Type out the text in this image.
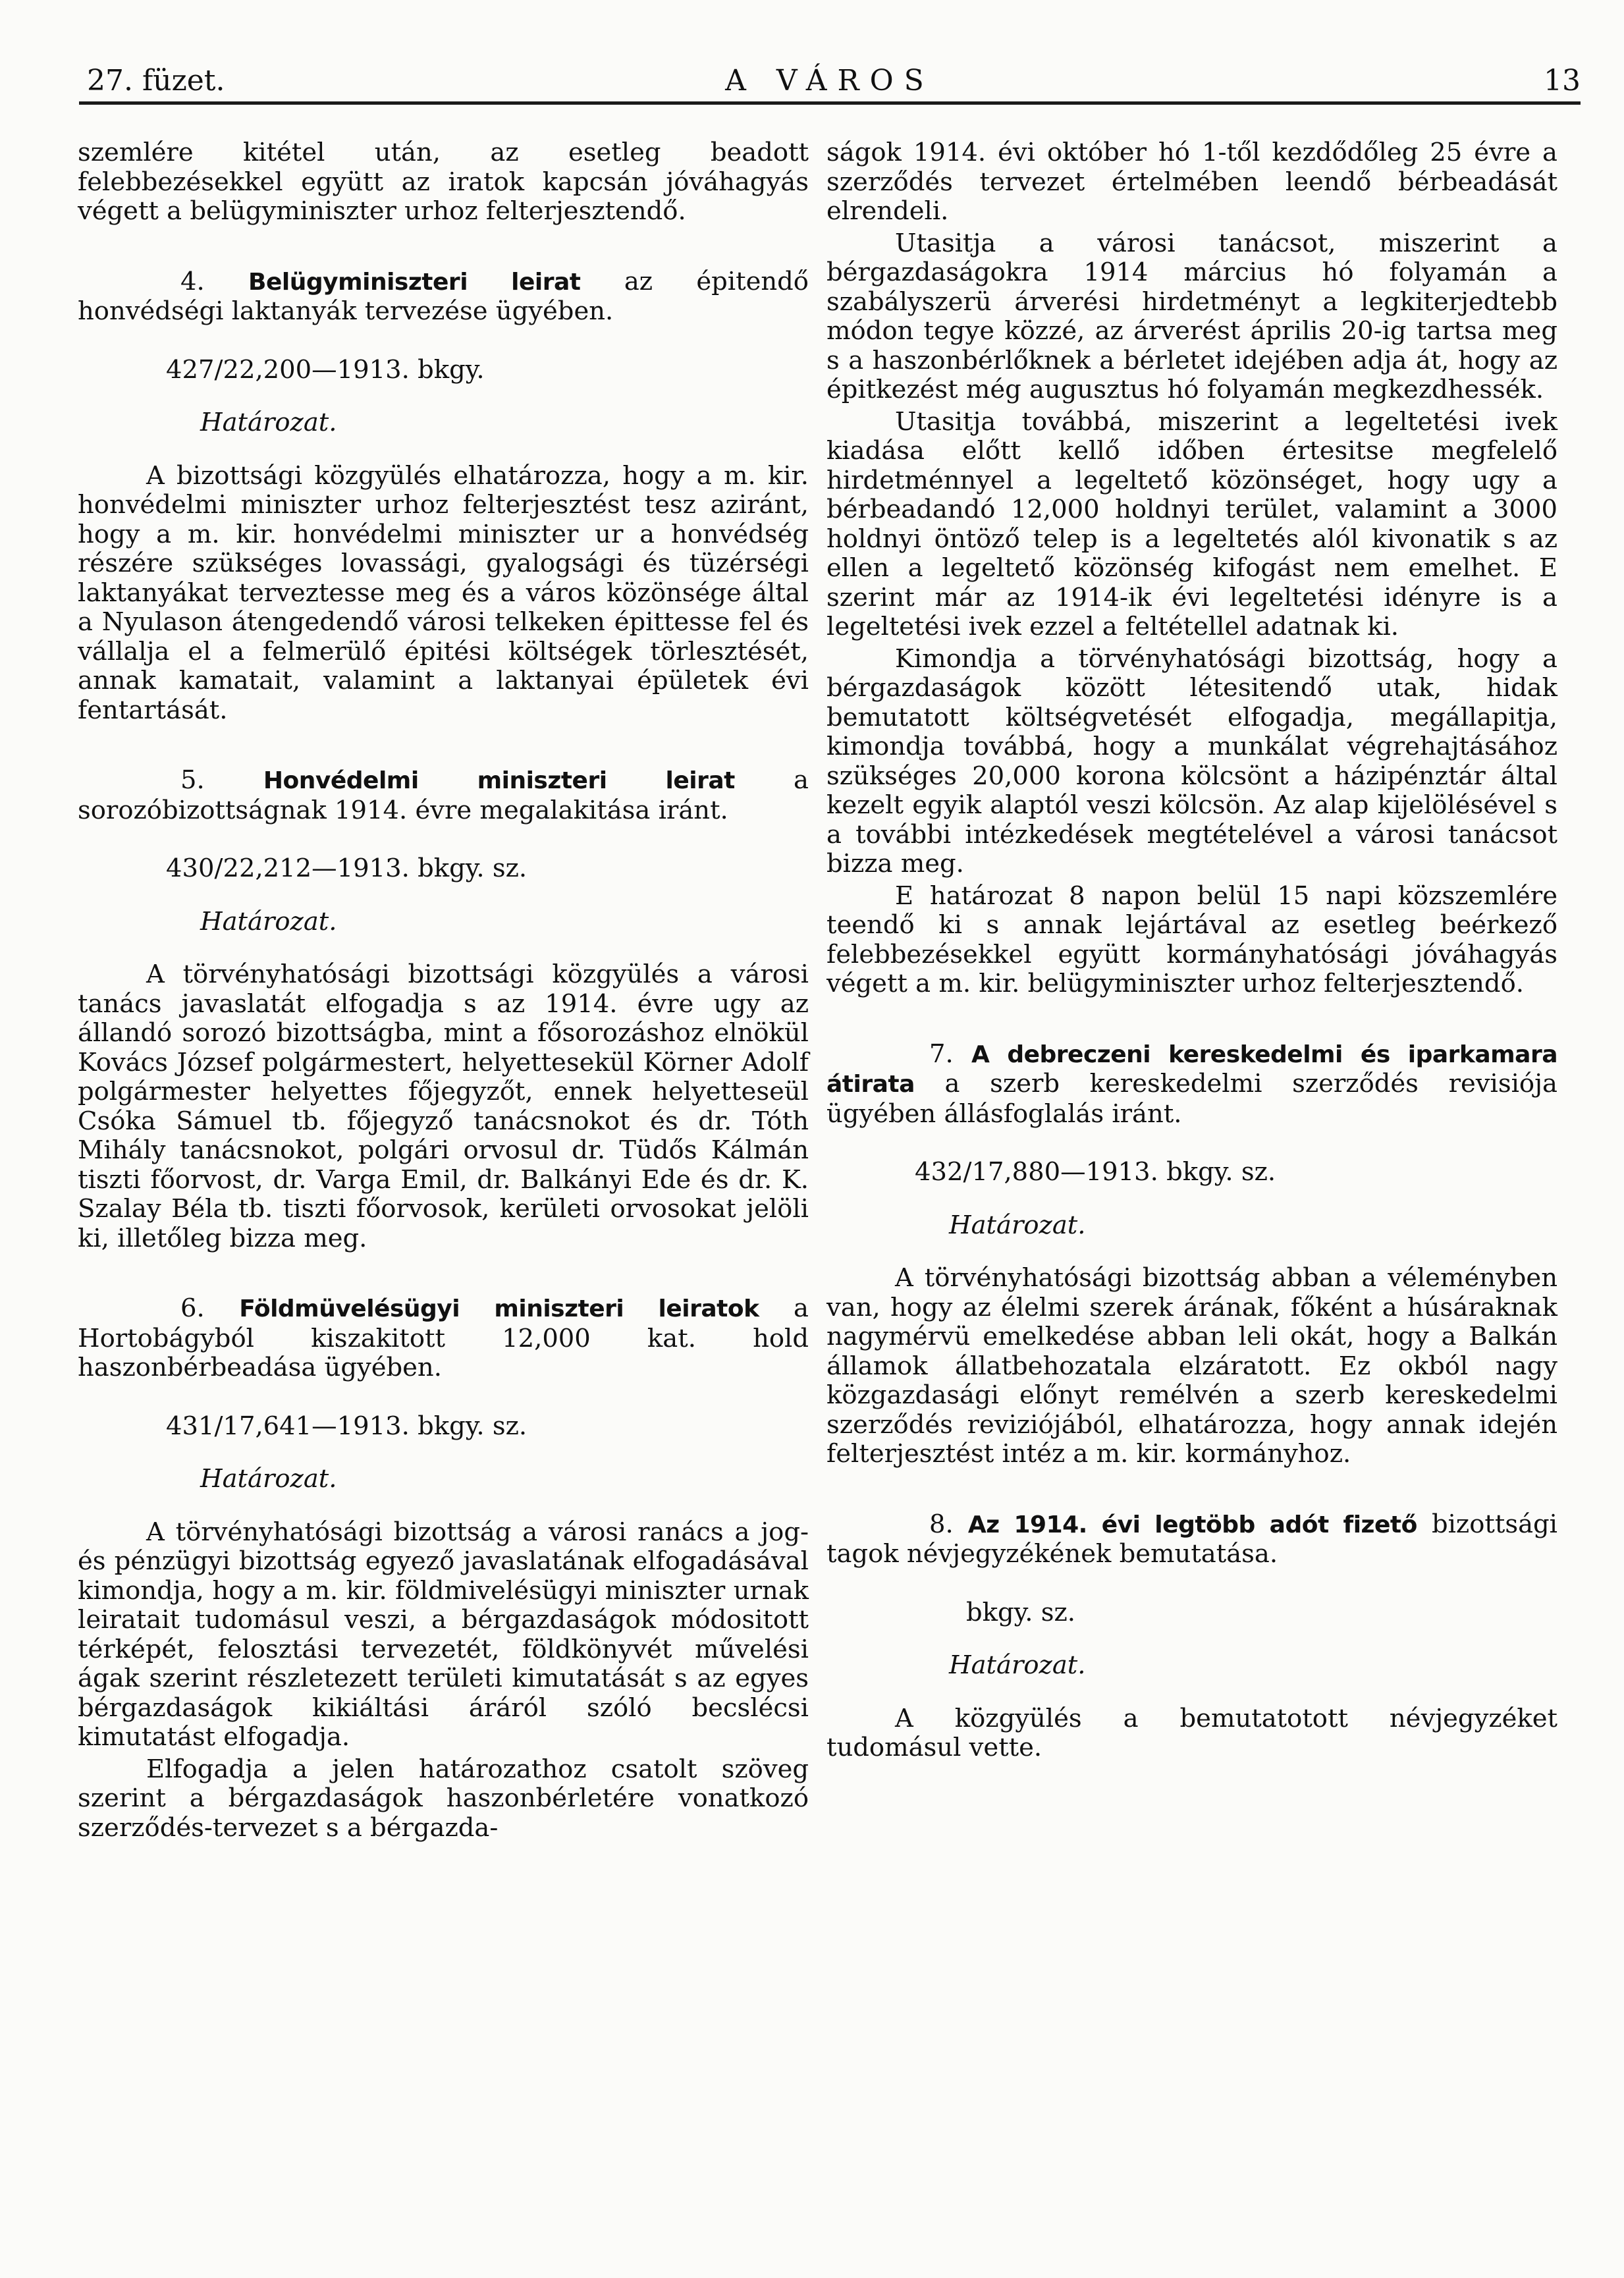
27. füzet.	A VÁROS	13

szemlére kitétel után, az esetleg beadott felebbezésekkel együtt az iratok kapcsán jóváhagyás végett a belügyminiszter urhoz felterjesztendő.

4. Belügyminiszteri leirat az épitendő honvédségi laktanyák tervezése ügyében.

427/22,200—1913. bkgy.

Határozat.

A bizottsági közgyülés elhatározza, hogy a m. kir. honvédelmi miniszter urhoz felterjesztést tesz aziránt, hogy a m. kir. honvédelmi miniszter ur a honvédség részére szükséges lovassági, gyalogsági és tüzérségi laktanyákat terveztesse meg és a város közönsége által a Nyulason átengedendő városi telkeken épittesse fel és vállalja el a felmerülő épitési költségek törlesztését, annak kamatait, valamint a laktanyai épületek évi fentartását.

5. Honvédelmi miniszteri leirat a sorozóbizottságnak 1914. évre megalakitása iránt.

430/22,212—1913. bkgy. sz.

Határozat.

A törvényhatósági bizottsági közgyülés a városi tanács javaslatát elfogadja s az 1914. évre ugy az állandó sorozó bizottságba, mint a fősorozáshoz elnökül Kovács József polgármestert, helyettesekül Körner Adolf polgármester helyettes főjegyzőt, ennek helyetteseül Csóka Sámuel tb. főjegyző tanácsnokot és dr. Tóth Mihály tanácsnokot, polgári orvosul dr. Tüdős Kálmán tiszti főorvost, dr. Varga Emil, dr. Balkányi Ede és dr. K. Szalay Béla tb. tiszti főorvosok, kerületi orvosokat jelöli ki, illetőleg bizza meg.

6. Földmüvelésügyi miniszteri leiratok a Hortobágyból kiszakitott 12,000 kat. hold haszonbérbeadása ügyében.

431/17,641—1913. bkgy. sz.

Határozat.

A törvényhatósági bizottság a városi ranács a jog-és pénzügyi bizottság egyező javaslatának elfogadásával kimondja, hogy a m. kir. földmivelésügyi miniszter urnak leiratait tudomásul veszi, a bérgazdaságok módositott térképét, felosztási tervezetét, földkönyvét művelési ágak szerint részletezett területi kimutatását s az egyes bérgazdaságok kikiáltási áráról szóló becslécsi kimutatást elfogadja.

Elfogadja a jelen határozathoz csatolt szöveg szerint a bérgazdaságok haszonbérletére vonatkozó szerződés-tervezet s a bérgazda-

ságok 1914. évi október hó 1-től kezdődőleg 25 évre a szerződés tervezet értelmében leendő bérbeadását elrendeli.

Utasitja a városi tanácsot, miszerint a bérgazdaságokra 1914 március hó folyamán a szabályszerü árverési hirdetményt a legkiterjedtebb módon tegye közzé, az árverést április 20-ig tartsa meg s a haszonbérlőknek a bérletet idejében adja át, hogy az épitkezést még augusztus hó folyamán megkezdhessék.

Utasitja továbbá, miszerint a legeltetési ivek kiadása előtt kellő időben értesitse megfelelő hirdetménnyel a legeltető közönséget, hogy ugy a bérbeadandó 12,000 holdnyi terület, valamint a 3000 holdnyi öntöző telep is a legeltetés alól kivonatik s az ellen a legeltető közönség kifogást nem emelhet. E szerint már az 1914-ik évi legeltetési idényre is a legeltetési ivek ezzel a feltétellel adatnak ki.

Kimondja a törvényhatósági bizottság, hogy a bérgazdaságok között létesitendő utak, hidak bemutatott költségvetését elfogadja, megállapitja, kimondja továbbá, hogy a munkálat végrehajtásához szükséges 20,000 korona kölcsönt a házipénztár által kezelt egyik alaptól veszi kölcsön. Az alap kijelölésével s a további intézkedések megtételével a városi tanácsot bizza meg.

E határozat 8 napon belül 15 napi közszemlére teendő ki s annak lejártával az esetleg beérkező felebbezésekkel együtt kormányhatósági jóváhagyás végett a m. kir. belügyminiszter urhoz felterjesztendő.

7. A debreczeni kereskedelmi és iparkamara átirata a szerb kereskedelmi szerződés revisiója ügyében állásfoglalás iránt.

432/17,880—1913. bkgy. sz.

Határozat.

A törvényhatósági bizottság abban a véleményben van, hogy az élelmi szerek árának, főként a húsáraknak nagymérvü emelkedése abban leli okát, hogy a Balkán államok állatbehozatala elzáratott. Ez okból nagy közgazdasági előnyt remélvén a szerb kereskedelmi szerződés reviziójából, elhatározza, hogy annak idején felterjesztést intéz a m. kir. kormányhoz.

8. Az 1914. évi legtöbb adót fizető bizottsági tagok névjegyzékének bemutatása.

bkgy. sz.

Határozat.

A közgyülés a bemutatotott névjegyzéket tudomásul vette.
